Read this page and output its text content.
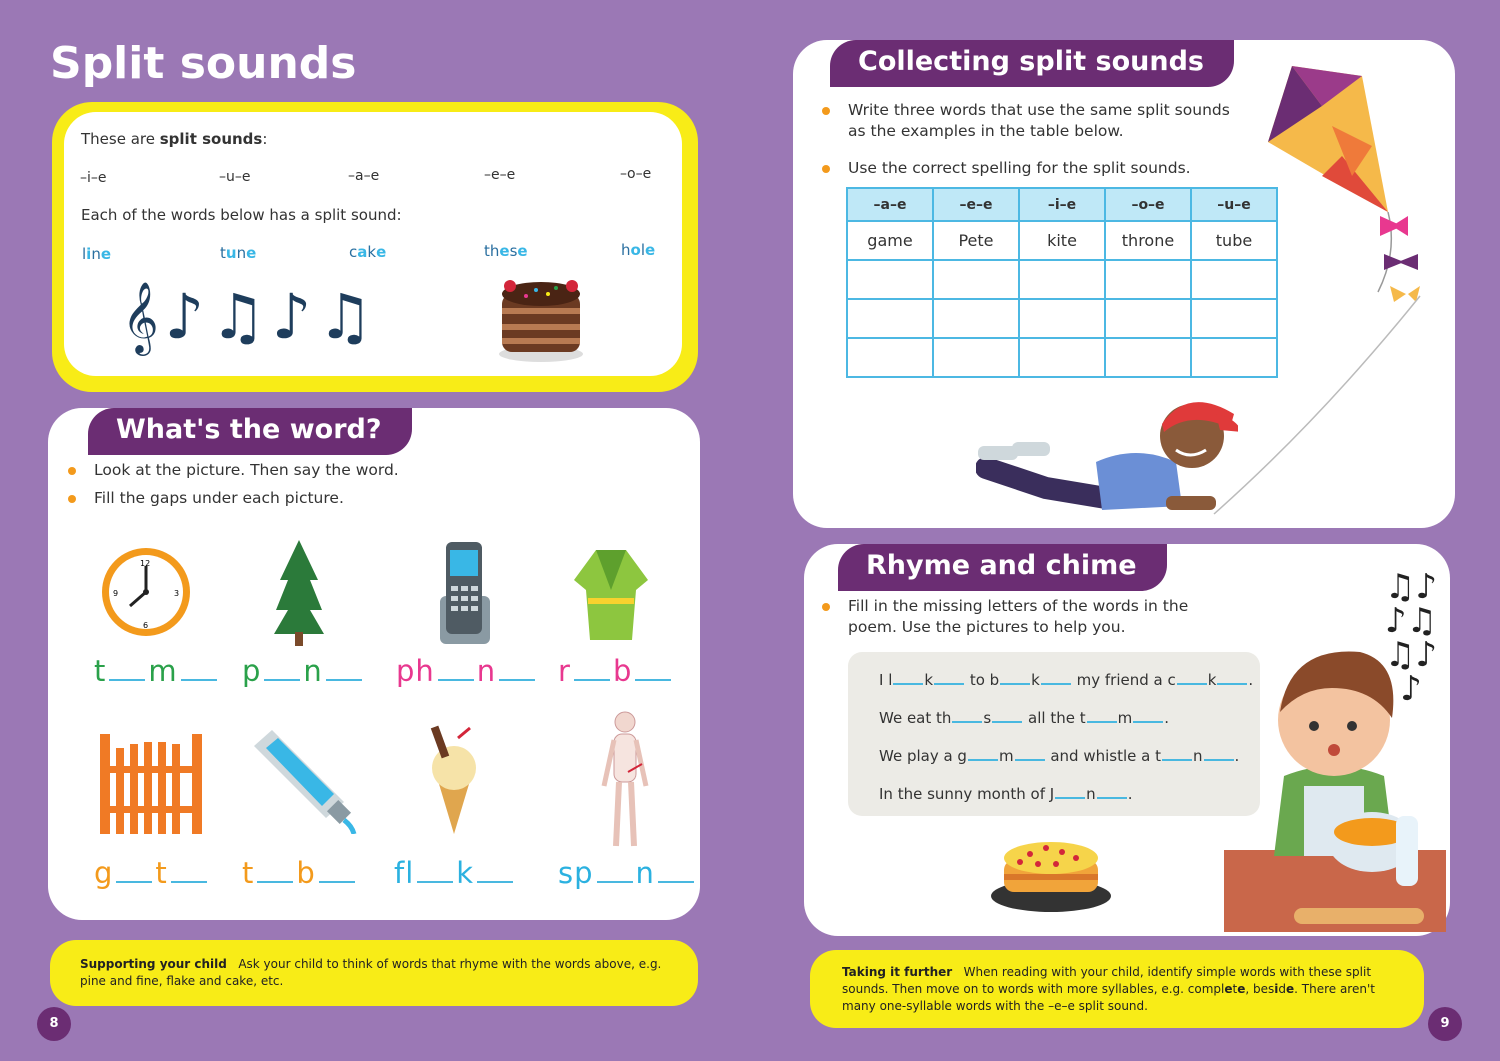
Split sounds
These are split sounds:
–i–e	–u–e	–a–e	–e–e	–o–e
Each of the words below has a split sound:
line	tune	cake	these	hole
𝄞♪♫♪♫
What's the word?
Look at the picture. Then say the word.
Fill the gaps under each picture.
12
3
6
9
t m	p n	ph n	r b
g t	t b	fl k	sp n
Supporting your child Ask your child to think of words that rhyme with the words above, e.g. pine and fine, flake and cake, etc.
8
Collecting split sounds
Write three words that use the same split sounds as the examples in the table below.
Use the correct spelling for the split sounds.
–a–e	–e–e	–i–e	–o–e	–u–e
game	Pete	kite	throne	tube

Rhyme and chime
Fill in the missing letters of the words in the poem. Use the pictures to help you.
I l k to b k my friend a c k .
We eat th s all the t m .
We play a g m and whistle a t n .
In the sunny month of J n .
♫♪
♪♫
♫♪
♪
Taking it further When reading with your child, identify simple words with these split sounds. Then move on to words with more syllables, e.g. complete, beside. There aren't many one-syllable words with the –e–e split sound.
9
